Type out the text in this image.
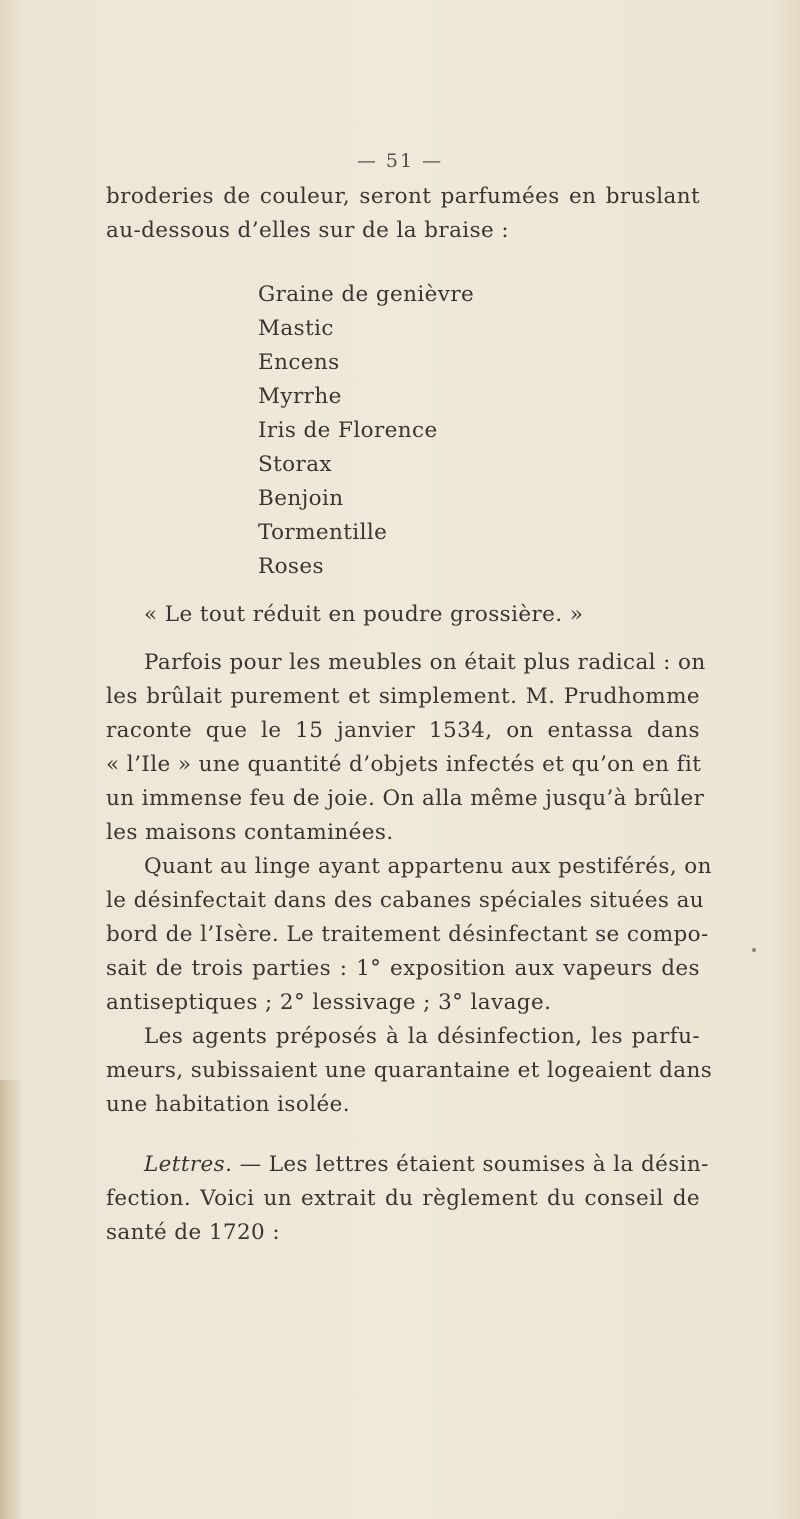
— 51 —
broderies de couleur, seront parfumées en bruslant
au-dessous d’elles sur de la braise :
Graine de genièvre
Mastic
Encens
Myrrhe
Iris de Florence
Storax
Benjoin
Tormentille
Roses
« Le tout réduit en poudre grossière. »
Parfois pour les meubles on était plus radical : on
les brûlait purement et simplement. M. Prudhomme
raconte que le 15 janvier 1534, on entassa dans
« l’Ile » une quantité d’objets infectés et qu’on en fit
un immense feu de joie. On alla même jusqu’à brûler
les maisons contaminées.
Quant au linge ayant appartenu aux pestiférés, on
le désinfectait dans des cabanes spéciales situées au
bord de l’Isère. Le traitement désinfectant se compo-
sait de trois parties : 1° exposition aux vapeurs des
antiseptiques ; 2° lessivage ; 3° lavage.
Les agents préposés à la désinfection, les parfu-
meurs, subissaient une quarantaine et logeaient dans
une habitation isolée.
Lettres. — Les lettres étaient soumises à la désin-
fection. Voici un extrait du règlement du conseil de
santé de 1720 :
